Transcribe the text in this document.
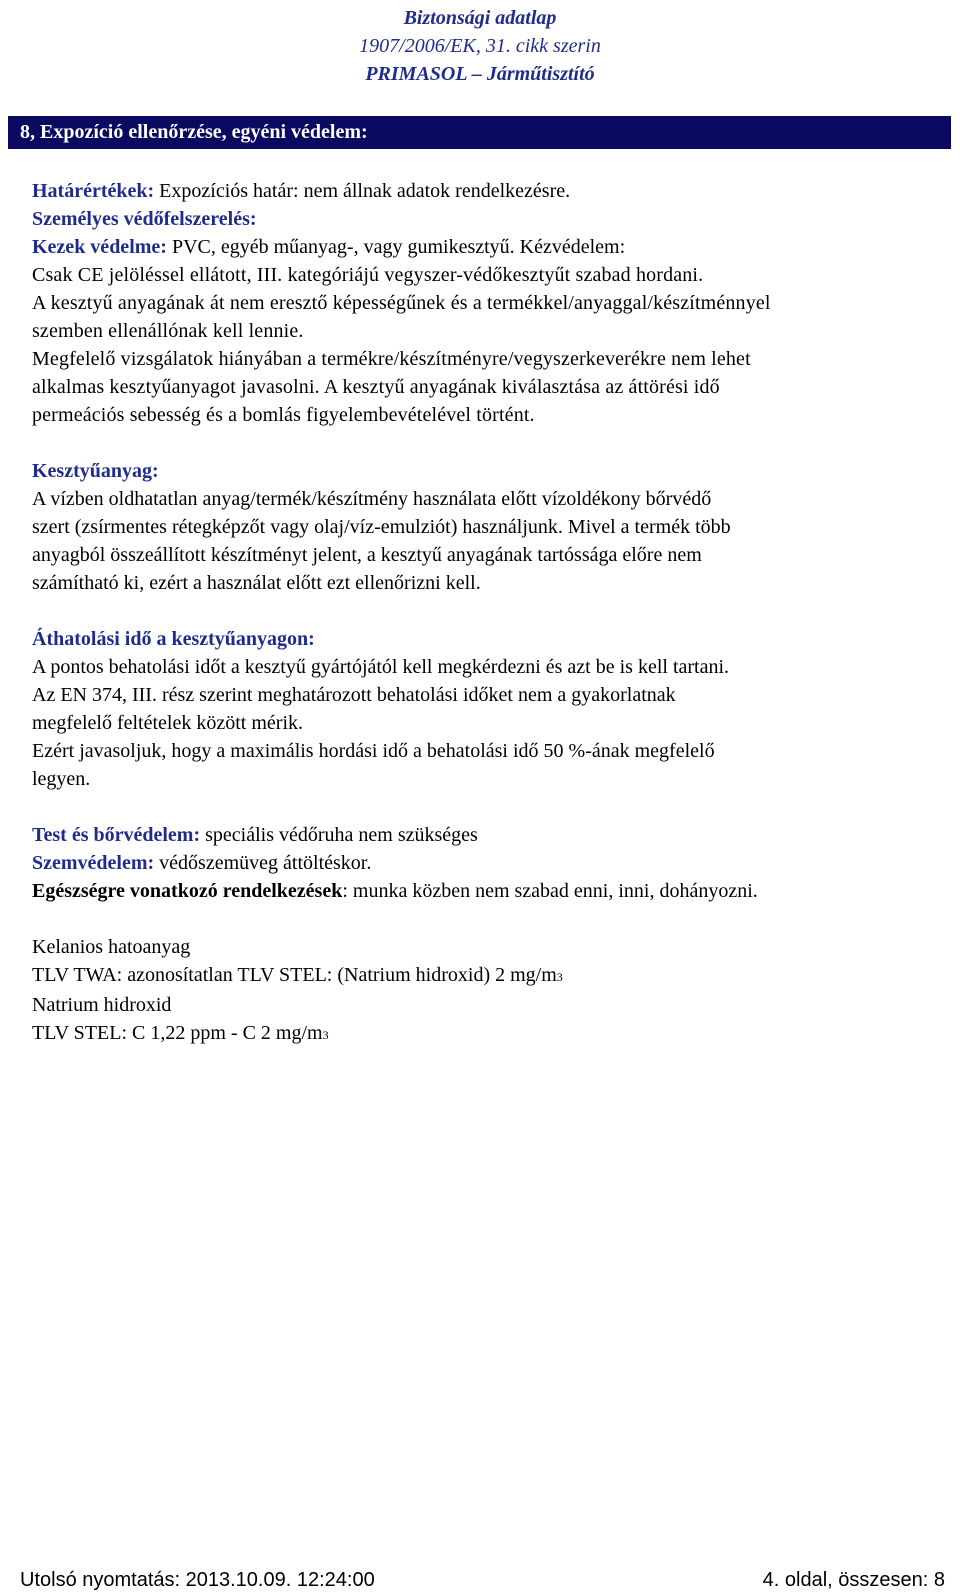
Biztonsági adatlap
1907/2006/EK, 31. cikk szerin
PRIMASOL – Járműtisztító
8, Expozíció ellenőrzése, egyéni védelem:

Határértékek: Expozíciós határ: nem állnak adatok rendelkezésre.

Személyes védőfelszerelés:

Kezek védelme: PVC, egyéb műanyag-, vagy gumikesztyű. Kézvédelem:

Csak CE jelöléssel ellátott, III. kategóriájú vegyszer-védőkesztyűt szabad hordani.

A kesztyű anyagának át nem eresztő képességűnek és a termékkel/anyaggal/készítménnyel

szemben ellenállónak kell lennie.

Megfelelő vizsgálatok hiányában a termékre/készítményre/vegyszerkeverékre nem lehet

alkalmas kesztyűanyagot javasolni. A kesztyű anyagának kiválasztása az áttörési idő

permeációs sebesség és a bomlás figyelembevételével történt.

Kesztyűanyag:

A vízben oldhatatlan anyag/termék/készítmény használata előtt vízoldékony bőrvédő

szert (zsírmentes rétegképzőt vagy olaj/víz-emulziót) használjunk. Mivel a termék több

anyagból összeállított készítményt jelent, a kesztyű anyagának tartóssága előre nem

számítható ki, ezért a használat előtt ezt ellenőrizni kell.

Áthatolási idő a kesztyűanyagon:

A pontos behatolási időt a kesztyű gyártójától kell megkérdezni és azt be is kell tartani.

Az EN 374, III. rész szerint meghatározott behatolási időket nem a gyakorlatnak

megfelelő feltételek között mérik.

Ezért javasoljuk, hogy a maximális hordási idő a behatolási idő 50 %-ának megfelelő

legyen.

Test és bőrvédelem: speciális védőruha nem szükséges

Szemvédelem: védőszemüveg áttöltéskor.

Egészségre vonatkozó rendelkezések: munka közben nem szabad enni, inni, dohányozni.

Kelanios hatoanyag

TLV TWA: azonosítatlan TLV STEL: (Natrium hidroxid) 2 mg/m3

Natrium hidroxid

TLV STEL: C 1,22 ppm - C 2 mg/m3

Utolsó nyomtatás: 2013.10.09. 12:24:00	4. oldal, összesen: 8
